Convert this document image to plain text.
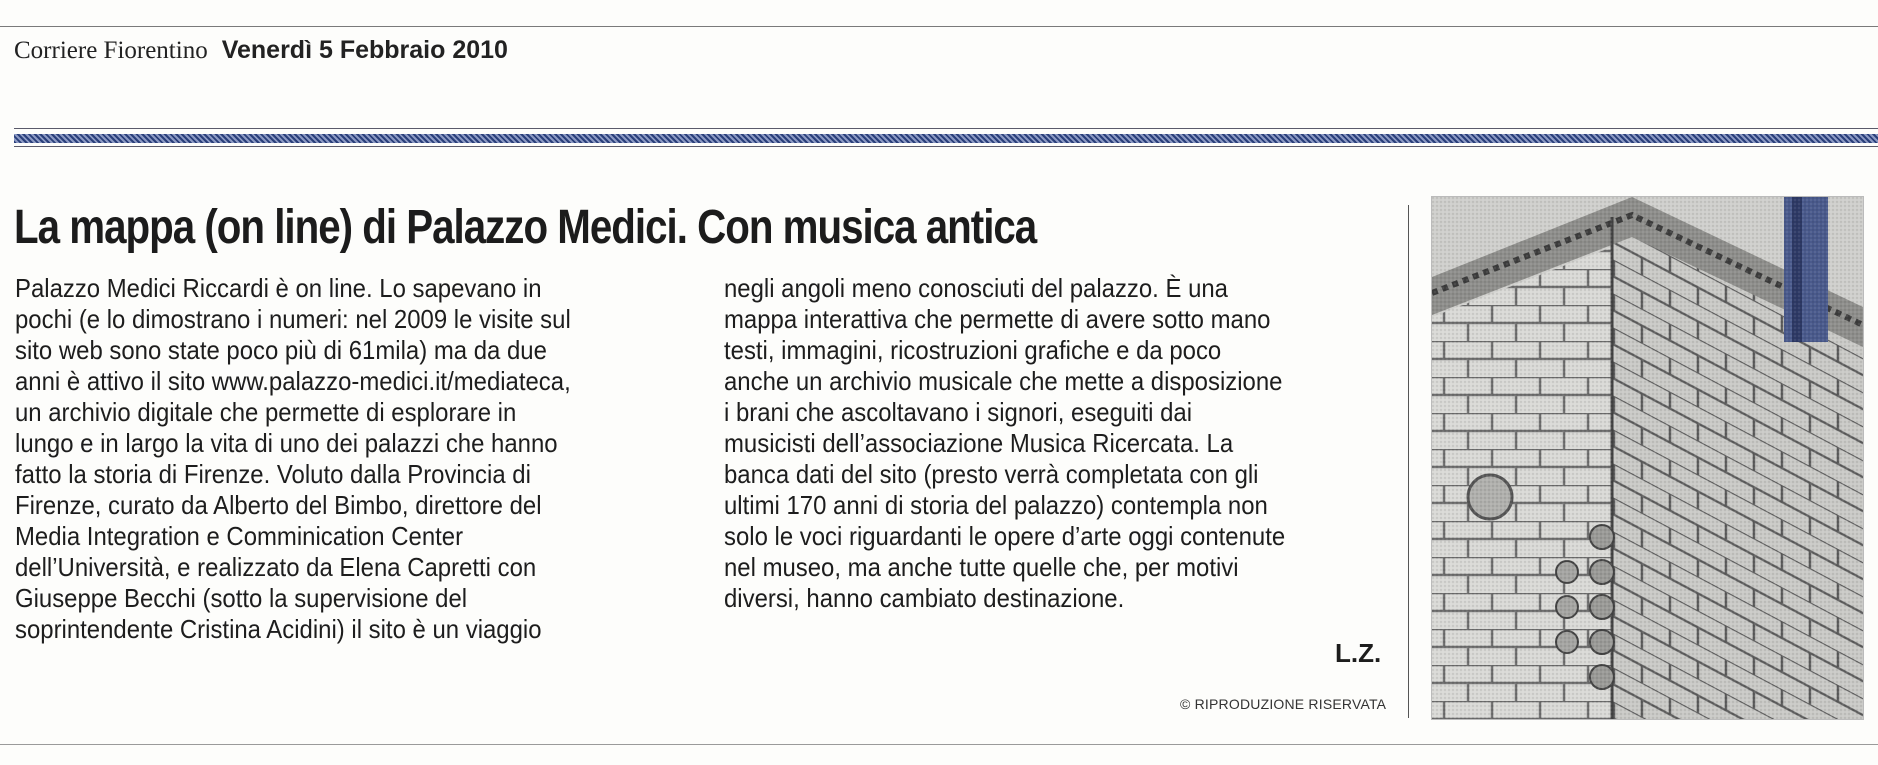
Corriere Fiorentino Venerdì 5 Febbraio 2010
La mappa (on line) di Palazzo Medici. Con musica antica
Palazzo Medici Riccardi è on line. Lo sapevano in
pochi (e lo dimostrano i numeri: nel 2009 le visite sul
sito web sono state poco più di 61mila) ma da due
anni è attivo il sito www.palazzo-medici.it/mediateca,
un archivio digitale che permette di esplorare in
lungo e in largo la vita di uno dei palazzi che hanno
fatto la storia di Firenze. Voluto dalla Provincia di
Firenze, curato da Alberto del Bimbo, direttore del
Media Integration e Comminication Center
dell’Università, e realizzato da Elena Capretti con
Giuseppe Becchi (sotto la supervisione del
soprintendente Cristina Acidini) il sito è un viaggio
negli angoli meno conosciuti del palazzo. È una
mappa interattiva che permette di avere sotto mano
testi, immagini, ricostruzioni grafiche e da poco
anche un archivio musicale che mette a disposizione
i brani che ascoltavano i signori, eseguiti dai
musicisti dell’associazione Musica Ricercata. La
banca dati del sito (presto verrà completata con gli
ultimi 170 anni di storia del palazzo) contempla non
solo le voci riguardanti le opere d’arte oggi contenute
nel museo, ma anche tutte quelle che, per motivi
diversi, hanno cambiato destinazione.
L.Z.
© RIPRODUZIONE RISERVATA
